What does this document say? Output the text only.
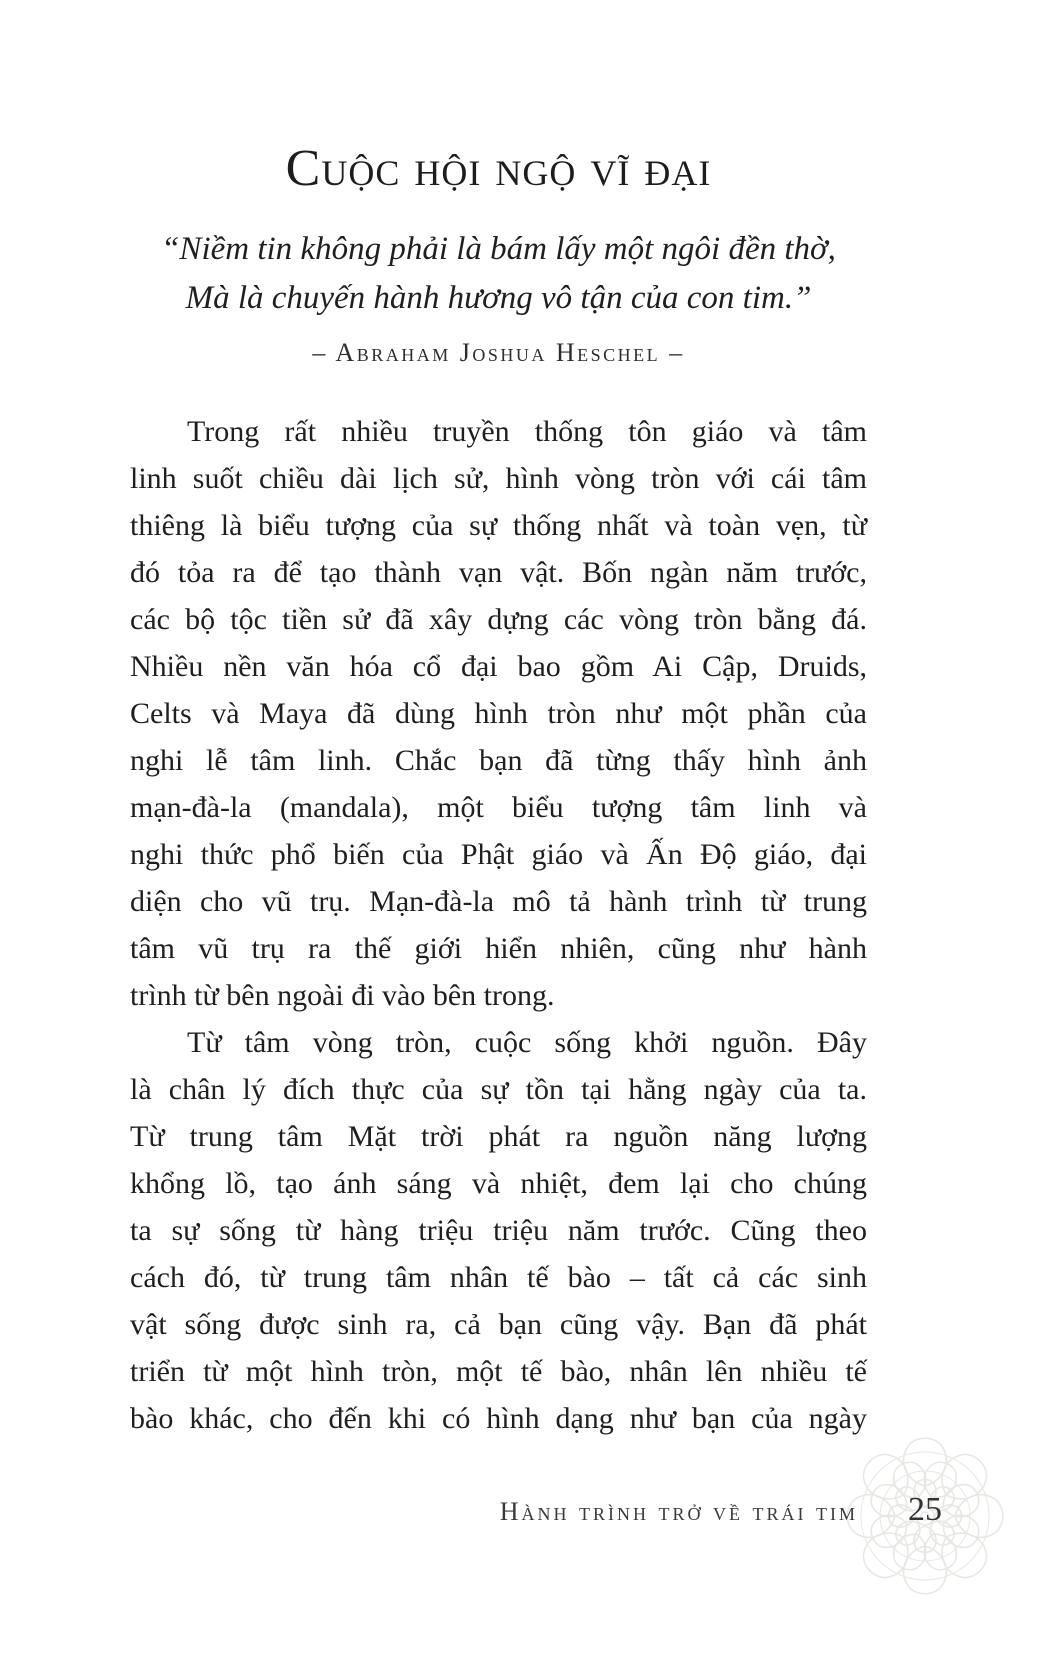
Cuộc hội ngộ vĩ đại
“Niềm tin không phải là bám lấy một ngôi đền thờ,
Mà là chuyến hành hương vô tận của con tim.”
– Abraham Joshua Heschel –
Trong rất nhiều truyền thống tôn giáo và tâm
linh suốt chiều dài lịch sử, hình vòng tròn với cái tâm
thiêng là biểu tượng của sự thống nhất và toàn vẹn, từ
đó tỏa ra để tạo thành vạn vật. Bốn ngàn năm trước,
các bộ tộc tiền sử đã xây dựng các vòng tròn bằng đá.
Nhiều nền văn hóa cổ đại bao gồm Ai Cập, Druids,
Celts và Maya đã dùng hình tròn như một phần của
nghi lễ tâm linh. Chắc bạn đã từng thấy hình ảnh
mạn-đà-la (mandala), một biểu tượng tâm linh và
nghi thức phổ biến của Phật giáo và Ấn Độ giáo, đại
diện cho vũ trụ. Mạn-đà-la mô tả hành trình từ trung
tâm vũ trụ ra thế giới hiển nhiên, cũng như hành
trình từ bên ngoài đi vào bên trong.
Từ tâm vòng tròn, cuộc sống khởi nguồn. Đây
là chân lý đích thực của sự tồn tại hằng ngày của ta.
Từ trung tâm Mặt trời phát ra nguồn năng lượng
khổng lồ, tạo ánh sáng và nhiệt, đem lại cho chúng
ta sự sống từ hàng triệu triệu năm trước. Cũng theo
cách đó, từ trung tâm nhân tế bào – tất cả các sinh
vật sống được sinh ra, cả bạn cũng vậy. Bạn đã phát
triển từ một hình tròn, một tế bào, nhân lên nhiều tế
bào khác, cho đến khi có hình dạng như bạn của ngày
Hành trình trở về trái tim 25
